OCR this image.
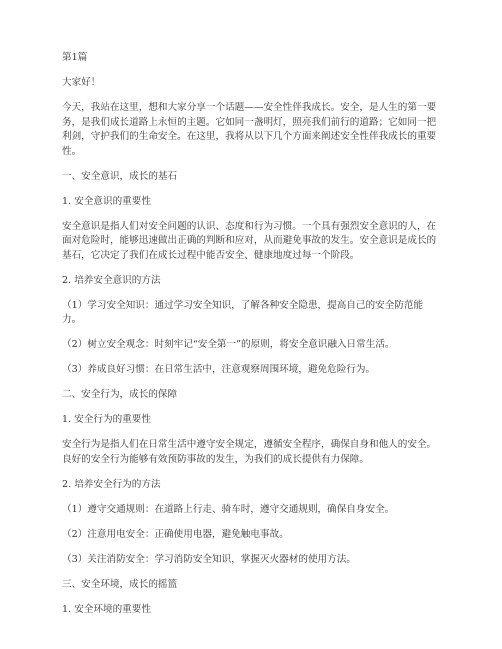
第1篇

大家好！

今天，我站在这里，想和大家分享一个话题——安全性伴我成长。安全，是人生的第一要务，是我们成长道路上永恒的主题。它如同一盏明灯，照亮我们前行的道路；它如同一把利剑，守护我们的生命安全。在这里，我将从以下几个方面来阐述安全性伴我成长的重要性。

一、安全意识，成长的基石

1. 安全意识的重要性

安全意识是指人们对安全问题的认识、态度和行为习惯。一个具有强烈安全意识的人，在面对危险时，能够迅速做出正确的判断和应对，从而避免事故的发生。安全意识是成长的基石，它决定了我们在成长过程中能否安全、健康地度过每一个阶段。

2. 培养安全意识的方法

（1）学习安全知识：通过学习安全知识，了解各种安全隐患，提高自己的安全防范能力。

（2）树立安全观念：时刻牢记“安全第一”的原则，将安全意识融入日常生活。

（3）养成良好习惯：在日常生活中，注意观察周围环境，避免危险行为。

二、安全行为，成长的保障

1. 安全行为的重要性

安全行为是指人们在日常生活中遵守安全规定，遵循安全程序，确保自身和他人的安全。良好的安全行为能够有效预防事故的发生，为我们的成长提供有力保障。

2. 培养安全行为的方法

（1）遵守交通规则：在道路上行走、骑车时，遵守交通规则，确保自身安全。

（2）注意用电安全：正确使用电器，避免触电事故。

（3）关注消防安全：学习消防安全知识，掌握灭火器材的使用方法。

三、安全环境，成长的摇篮

1. 安全环境的重要性
